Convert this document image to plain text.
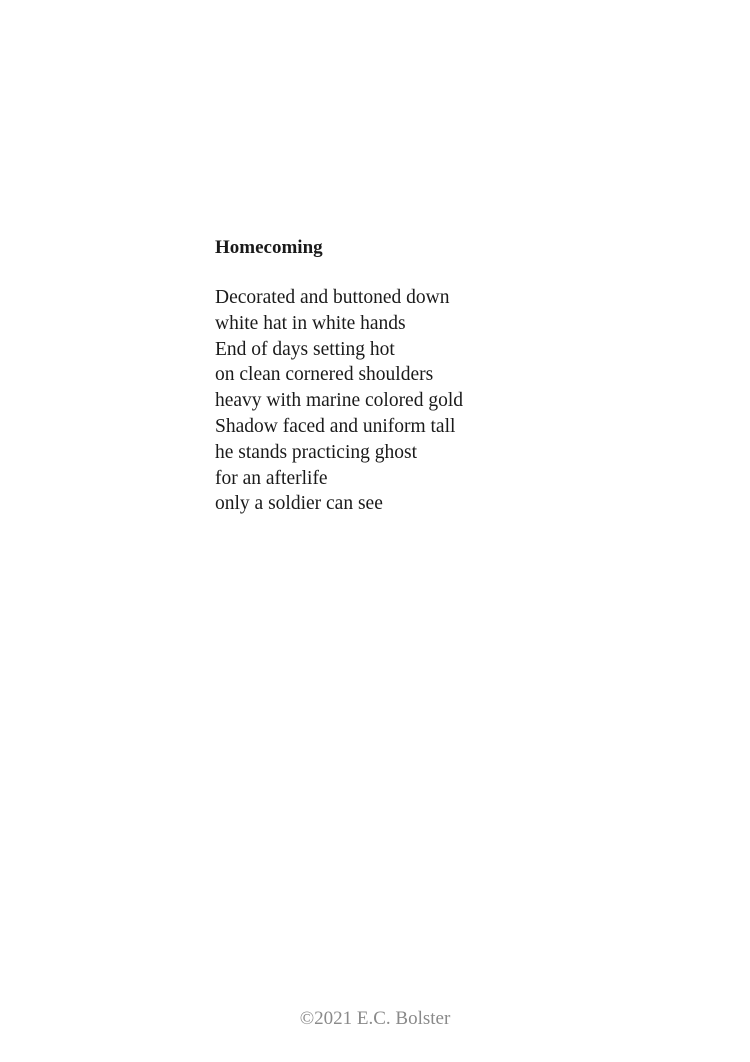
Homecoming
Decorated and buttoned down
white hat in white hands
End of days setting hot
on clean cornered shoulders
heavy with marine colored gold
Shadow faced and uniform tall
he stands practicing ghost
for an afterlife
only a soldier can see
©2021 E.C. Bolster
